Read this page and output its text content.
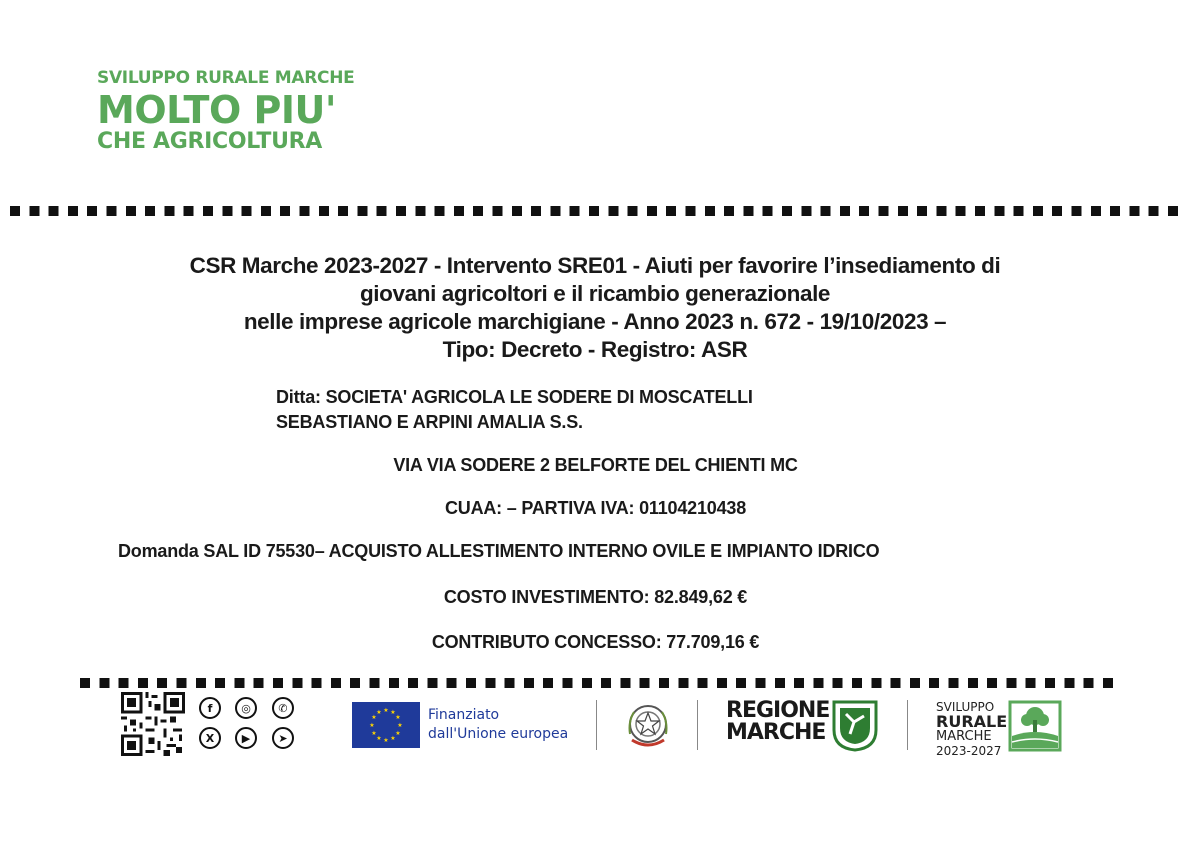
SVILUPPO RURALE MARCHE
MOLTO PIU'
CHE AGRICOLTURA
CSR Marche 2023-2027 - Intervento SRE01 - Aiuti per favorire l’insediamento di
giovani agricoltori e il ricambio generazionale
nelle imprese agricole marchigiane - Anno 2023 n. 672 - 19/10/2023 –
Tipo: Decreto - Registro: ASR
Ditta: SOCIETA' AGRICOLA LE SODERE DI MOSCATELLI
SEBASTIANO E ARPINI AMALIA S.S.
VIA VIA SODERE 2 BELFORTE DEL CHIENTI MC
CUAA: – PARTIVA IVA: 01104210438
Domanda SAL ID 75530– ACQUISTO ALLESTIMENTO INTERNO OVILE E IMPIANTO IDRICO
COSTO INVESTIMENTO: 82.849,62 €
CONTRIBUTO CONCESSO: 77.709,16 €
f	◎	✆
X	▶	➤
★ ★
★
★
★
★
★
★
★
★
★
★	Finanziato
dall'Unione europea
REGIONE
MARCHE
SVILUPPO
RURALE
MARCHE
2023-2027
